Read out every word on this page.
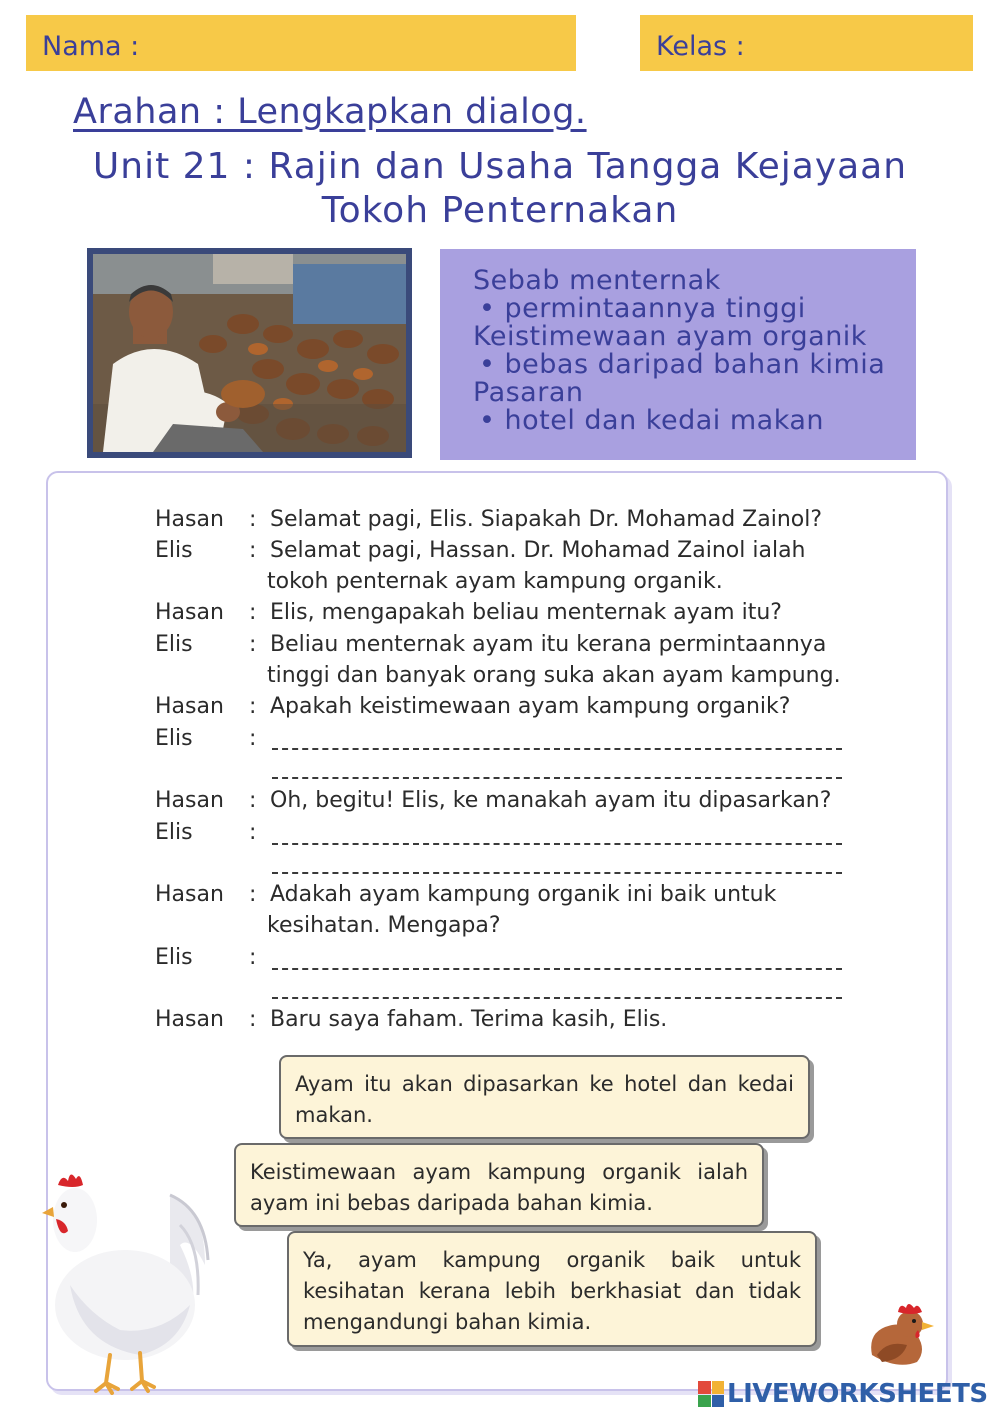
Nama :	Kelas :
Arahan : Lengkapkan dialog.
Unit 21 : Rajin dan Usaha Tangga Kejayaan
Tokoh Penternakan
Sebab menternak
• permintaannya tinggi
Keistimewaan ayam organik
• bebas daripad bahan kimia
Pasaran
• hotel dan kedai makan
Hasan : Selamat pagi, Elis. Siapakah Dr. Mohamad Zainol?
Elis	: Selamat pagi, Hassan. Dr. Mohamad Zainol ialah
tokoh penternak ayam kampung organik.
Hasan : Elis, mengapakah beliau menternak ayam itu?
Elis	: Beliau menternak ayam itu kerana permintaannya
tinggi dan banyak orang suka akan ayam kampung.
Hasan : Apakah keistimewaan ayam kampung organik?
Elis	:
Hasan : Oh, begitu! Elis, ke manakah ayam itu dipasarkan?
Elis	:
Hasan : Adakah ayam kampung organik ini baik untuk
kesihatan. Mengapa?
Elis	:
Hasan : Baru saya faham. Terima kasih, Elis.
Ayam itu akan dipasarkan ke hotel dan kedai makan.
Keistimewaan ayam kampung organik ialah ayam ini bebas daripada bahan kimia.
Ya, ayam kampung organik baik untuk kesihatan kerana lebih berkhasiat dan tidak mengandungi bahan kimia.
LIVEWORKSHEETS
